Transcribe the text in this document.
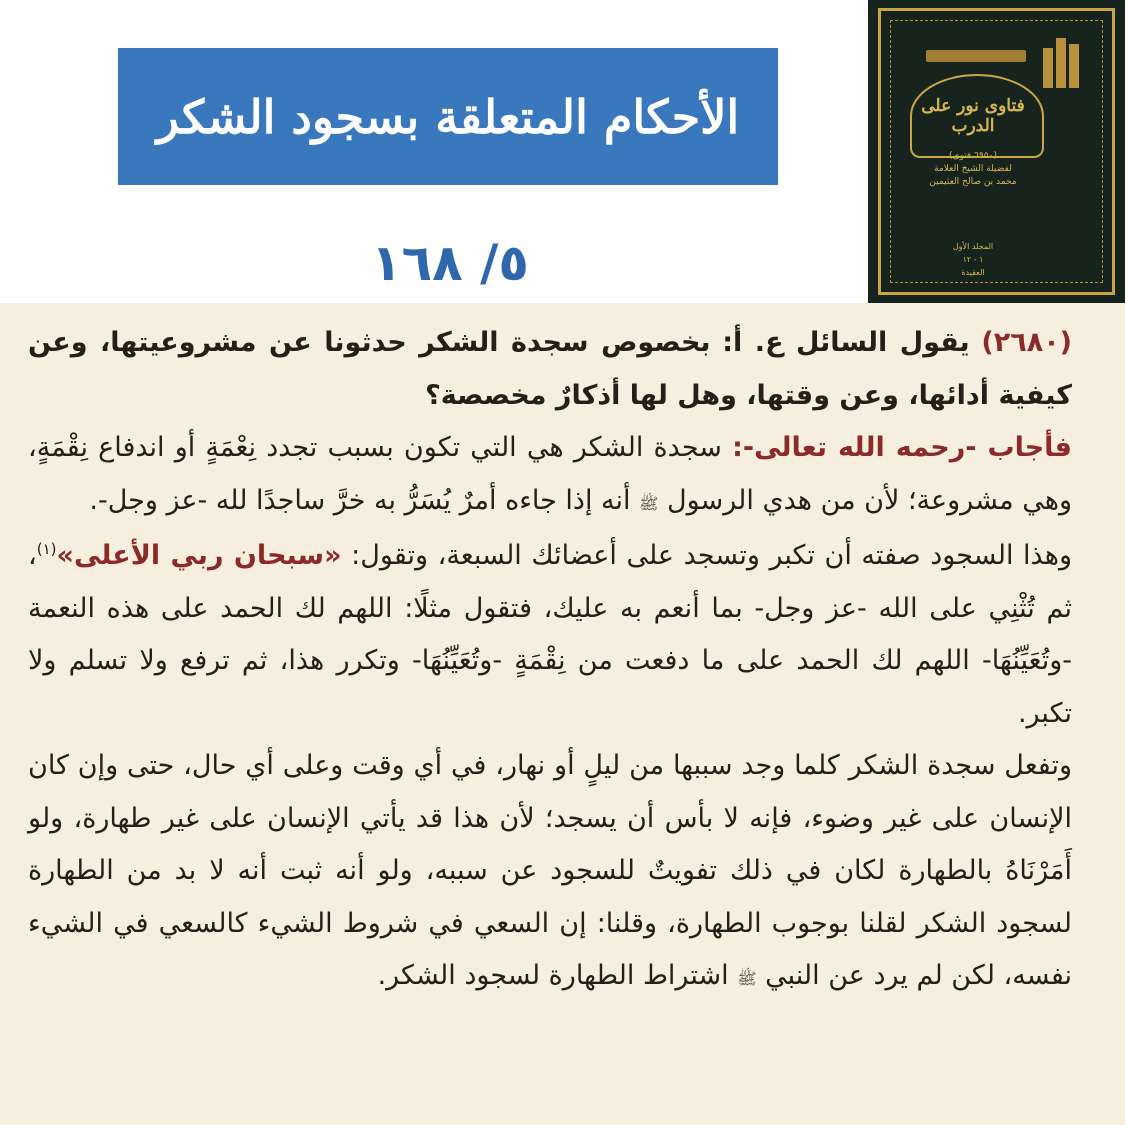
الأحكام المتعلقة بسجود الشكر
٥/ ١٦٨
فتاوى نور على الدرب
(٦٩٥٠ فتوى)
لفضيلة الشيخ العلامة
محمد بن صالح العثيمين
المجلد الأول
١ - ١٢
العقيدة

(٢٦٨٠) يقول السائل ع. أ: بخصوص سجدة الشكر حدثونا عن مشروعيتها، وعن كيفية أدائها، وعن وقتها، وهل لها أذكارٌ مخصصة؟

فأجاب -رحمه الله تعالى-: سجدة الشكر هي التي تكون بسبب تجدد نِعْمَةٍ أو اندفاع نِقْمَةٍ، وهي مشروعة؛ لأن من هدي الرسول ﷺ أنه إذا جاءه أمرٌ يُسَرُّ به خرَّ ساجدًا لله -عز وجل-.

وهذا السجود صفته أن تكبر وتسجد على أعضائك السبعة، وتقول: «سبحان ربي الأعلى»$^{(١)}$، ثم تُثْنِي على الله -عز وجل- بما أنعم به عليك، فتقول مثلًا: اللهم لك الحمد على هذه النعمة -وتُعَيِّنُهَا- اللهم لك الحمد على ما دفعت من نِقْمَةٍ -وتُعَيِّنُهَا- وتكرر هذا، ثم ترفع ولا تسلم ولا تكبر.

وتفعل سجدة الشكر كلما وجد سببها من ليلٍ أو نهار، في أي وقت وعلى أي حال، حتى وإن كان الإنسان على غير وضوء، فإنه لا بأس أن يسجد؛ لأن هذا قد يأتي الإنسان على غير طهارة، ولو أَمَرْنَاهُ بالطهارة لكان في ذلك تفويتٌ للسجود عن سببه، ولو أنه ثبت أنه لا بد من الطهارة لسجود الشكر لقلنا بوجوب الطهارة، وقلنا: إن السعي في شروط الشيء كالسعي في الشيء نفسه، لكن لم يرد عن النبي ﷺ اشتراط الطهارة لسجود الشكر.
